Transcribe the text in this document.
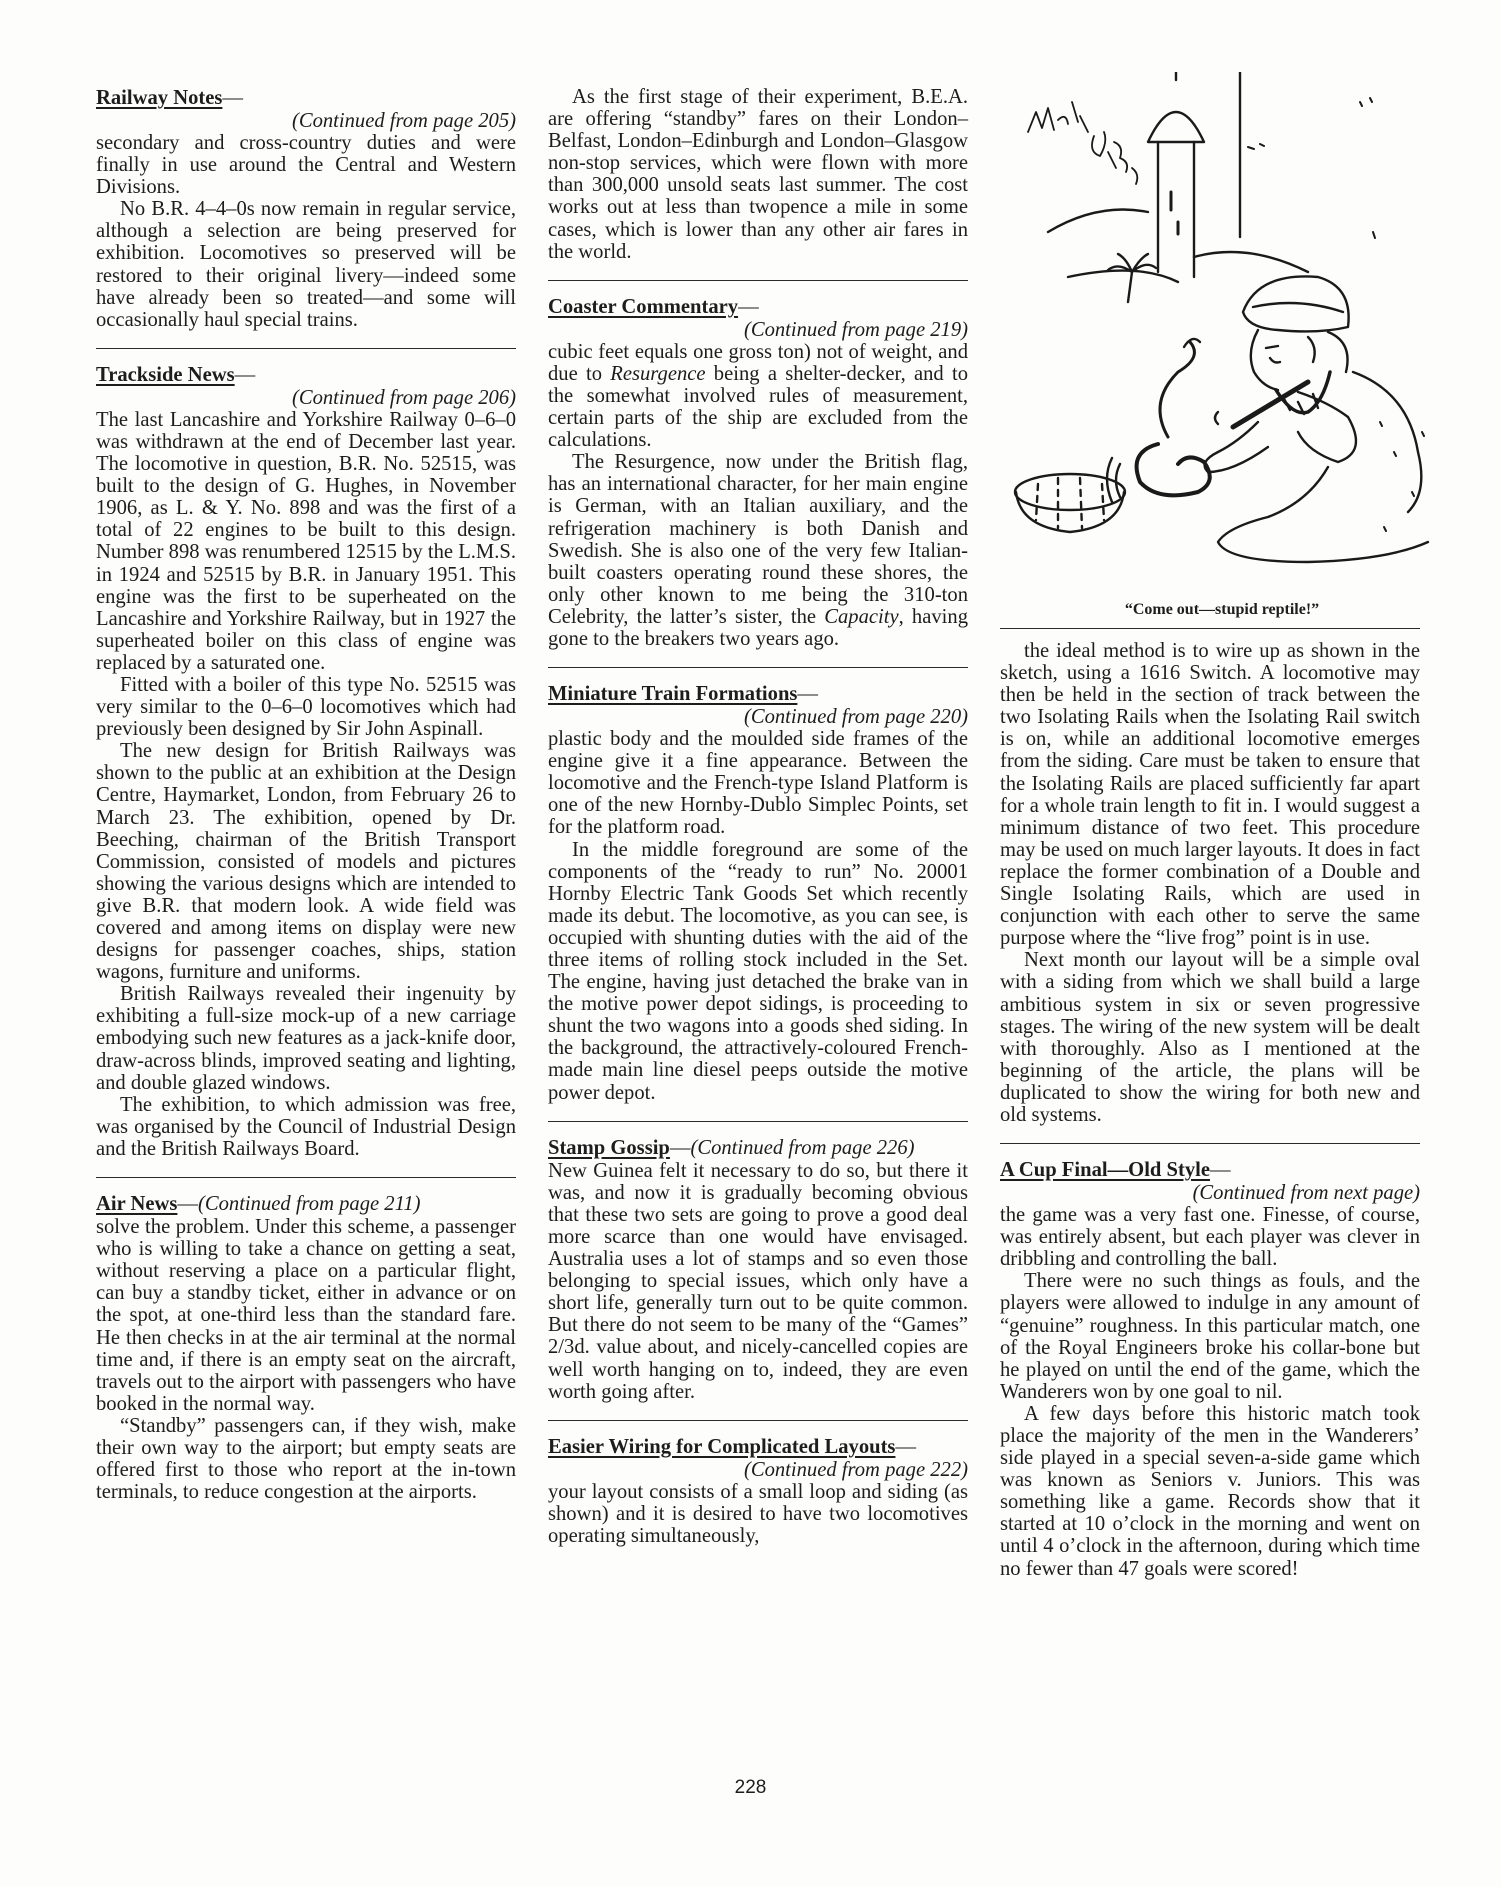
Railway Notes—
(Continued from page 205)

secondary and cross-country duties and were finally in use around the Central and Western Divisions.

No B.R. 4–4–0s now remain in regular service, although a selection are being preserved for exhibition. Locomotives so preserved will be restored to their original livery—indeed some have already been so treated—and some will occasionally haul special trains.

Trackside News—
(Continued from page 206)

The last Lancashire and Yorkshire Railway 0–6–0 was withdrawn at the end of December last year. The locomotive in question, B.R. No. 52515, was built to the design of G. Hughes, in November 1906, as L. & Y. No. 898 and was the first of a total of 22 engines to be built to this design. Number 898 was renumbered 12515 by the L.M.S. in 1924 and 52515 by B.R. in January 1951. This engine was the first to be superheated on the Lancashire and Yorkshire Railway, but in 1927 the superheated boiler on this class of engine was replaced by a saturated one.

Fitted with a boiler of this type No. 52515 was very similar to the 0–6–0 locomotives which had previously been designed by Sir John Aspinall.

The new design for British Railways was shown to the public at an exhibition at the Design Centre, Haymarket, London, from February 26 to March 23. The exhibition, opened by Dr. Beeching, chairman of the British Transport Commission, consisted of models and pictures showing the various designs which are intended to give B.R. that modern look. A wide field was covered and among items on display were new designs for passenger coaches, ships, station wagons, furniture and uniforms.

British Railways revealed their ingenuity by exhibiting a full-size mock-up of a new carriage embodying such new features as a jack-knife door, draw-across blinds, improved seating and lighting, and double glazed windows.

The exhibition, to which admission was free, was organised by the Council of Industrial Design and the British Railways Board.

Air News—(Continued from page 211)

solve the problem. Under this scheme, a passenger who is willing to take a chance on getting a seat, without reserving a place on a particular flight, can buy a standby ticket, either in advance or on the spot, at one-third less than the standard fare. He then checks in at the air terminal at the normal time and, if there is an empty seat on the aircraft, travels out to the airport with passengers who have booked in the normal way.

“Standby” passengers can, if they wish, make their own way to the airport; but empty seats are offered first to those who report at the in-town terminals, to reduce congestion at the airports.

As the first stage of their experiment, B.E.A. are offering “standby” fares on their London–Belfast, London–Edinburgh and London–Glasgow non-stop services, which were flown with more than 300,000 unsold seats last summer. The cost works out at less than twopence a mile in some cases, which is lower than any other air fares in the world.

Coaster Commentary—
(Continued from page 219)

cubic feet equals one gross ton) not of weight, and due to Resurgence being a shelter-decker, and to the somewhat involved rules of measurement, certain parts of the ship are excluded from the calculations.

The Resurgence, now under the British flag, has an international character, for her main engine is German, with an Italian auxiliary, and the refrigeration machinery is both Danish and Swedish. She is also one of the very few Italian-built coasters operating round these shores, the only other known to me being the 310-ton Celebrity, the latter’s sister, the Capacity, having gone to the breakers two years ago.

Miniature Train Formations—
(Continued from page 220)

plastic body and the moulded side frames of the engine give it a fine appearance. Between the locomotive and the French-type Island Platform is one of the new Hornby-Dublo Simplec Points, set for the platform road.

In the middle foreground are some of the components of the “ready to run” No. 20001 Hornby Electric Tank Goods Set which recently made its debut. The locomotive, as you can see, is occupied with shunting duties with the aid of the three items of rolling stock included in the Set. The engine, having just detached the brake van in the motive power depot sidings, is proceeding to shunt the two wagons into a goods shed siding. In the background, the attractively-coloured French-made main line diesel peeps outside the motive power depot.

Stamp Gossip—(Continued from page 226)

New Guinea felt it necessary to do so, but there it was, and now it is gradually becoming obvious that these two sets are going to prove a good deal more scarce than one would have envisaged. Australia uses a lot of stamps and so even those belonging to special issues, which only have a short life, generally turn out to be quite common. But there do not seem to be many of the “Games” 2/3d. value about, and nicely-cancelled copies are well worth hanging on to, indeed, they are even worth going after.

Easier Wiring for Complicated Layouts—
(Continued from page 222)

your layout consists of a small loop and siding (as shown) and it is desired to have two locomotives operating simultaneously,

“Come out—stupid reptile!”

the ideal method is to wire up as shown in the sketch, using a 1616 Switch. A locomotive may then be held in the section of track between the two Isolating Rails when the Isolating Rail switch is on, while an additional locomotive emerges from the siding. Care must be taken to ensure that the Isolating Rails are placed sufficiently far apart for a whole train length to fit in. I would suggest a minimum distance of two feet. This procedure may be used on much larger layouts. It does in fact replace the former combination of a Double and Single Isolating Rails, which are used in conjunction with each other to serve the same purpose where the “live frog” point is in use.

Next month our layout will be a simple oval with a siding from which we shall build a large ambitious system in six or seven progressive stages. The wiring of the new system will be dealt with thoroughly. Also as I mentioned at the beginning of the article, the plans will be duplicated to show the wiring for both new and old systems.

A Cup Final—Old Style—
(Continued from next page)

the game was a very fast one. Finesse, of course, was entirely absent, but each player was clever in dribbling and controlling the ball.

There were no such things as fouls, and the players were allowed to indulge in any amount of “genuine” roughness. In this particular match, one of the Royal Engineers broke his collar-bone but he played on until the end of the game, which the Wanderers won by one goal to nil.

A few days before this historic match took place the majority of the men in the Wanderers’ side played in a special seven-a-side game which was known as Seniors v. Juniors. This was something like a game. Records show that it started at 10 o’clock in the morning and went on until 4 o’clock in the afternoon, during which time no fewer than 47 goals were scored!

228
